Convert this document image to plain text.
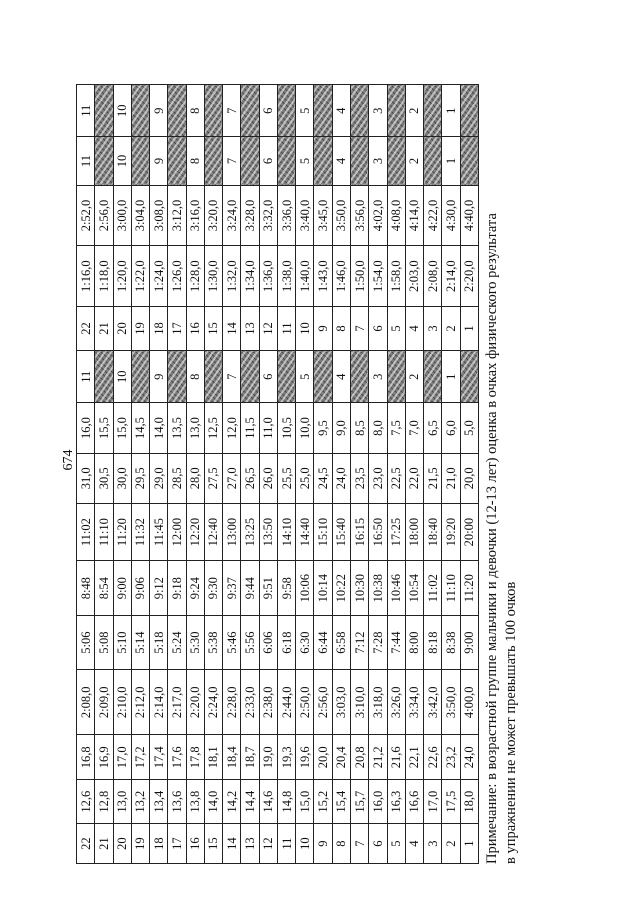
674
22	12,6	16,8	2:08,0	5:06	8:48	11:02	31,0	16,0	11	22	1:16,0	2:52,0	11	11
21	12,8	16,9	2:09,0	5:08	8:54	11:10	30,5	15,5		21	1:18,0	2:56,0		
20	13,0	17,0	2:10,0	5:10	9:00	11:20	30,0	15,0	10	20	1:20,0	3:00,0	10	10
19	13,2	17,2	2:12,0	5:14	9:06	11:32	29,5	14,5		19	1:22,0	3:04,0		
18	13,4	17,4	2:14,0	5:18	9:12	11:45	29,0	14,0	9	18	1:24,0	3:08,0	9	9
17	13,6	17,6	2:17,0	5:24	9:18	12:00	28,5	13,5		17	1:26,0	3:12,0		
16	13,8	17,8	2:20,0	5:30	9:24	12:20	28,0	13,0	8	16	1:28,0	3:16,0	8	8
15	14,0	18,1	2:24,0	5:38	9:30	12:40	27,5	12,5		15	1:30,0	3:20,0		
14	14,2	18,4	2:28,0	5:46	9:37	13:00	27,0	12,0	7	14	1:32,0	3:24,0	7	7
13	14,4	18,7	2:33,0	5:56	9:44	13:25	26,5	11,5		13	1:34,0	3:28,0		
12	14,6	19,0	2:38,0	6:06	9:51	13:50	26,0	11,0	6	12	1:36,0	3:32,0	6	6
11	14,8	19,3	2:44,0	6:18	9:58	14:10	25,5	10,5		11	1:38,0	3:36,0		
10	15,0	19,6	2:50,0	6:30	10:06	14:40	25,0	10,0	5	10	1:40,0	3:40,0	5	5
9	15,2	20,0	2:56,0	6:44	10:14	15:10	24,5	9,5		9	1:43,0	3:45,0		
8	15,4	20,4	3:03,0	6:58	10:22	15:40	24,0	9,0	4	8	1:46,0	3:50,0	4	4
7	15,7	20,8	3:10,0	7:12	10:30	16:15	23,5	8,5		7	1:50,0	3:56,0		
6	16,0	21,2	3:18,0	7:28	10:38	16:50	23,0	8,0	3	6	1:54,0	4:02,0	3	3
5	16,3	21,6	3:26,0	7:44	10:46	17:25	22,5	7,5		5	1:58,0	4:08,0		
4	16,6	22,1	3:34,0	8:00	10:54	18:00	22,0	7,0	2	4	2:03,0	4:14,0	2	2
3	17,0	22,6	3:42,0	8:18	11:02	18:40	21,5	6,5		3	2:08,0	4:22,0		
2	17,5	23,2	3:50,0	8:38	11:10	19:20	21,0	6,0	1	2	2:14,0	4:30,0	1	1
1	18,0	24,0	4:00,0	9:00	11:20	20:00	20,0	5,0		1	2:20,0	4:40,0		Примечание: в возрастной группе мальчики и девочки (12-13 лет) оценка в очках физического результата в упражнении не может превышать 100 очков
